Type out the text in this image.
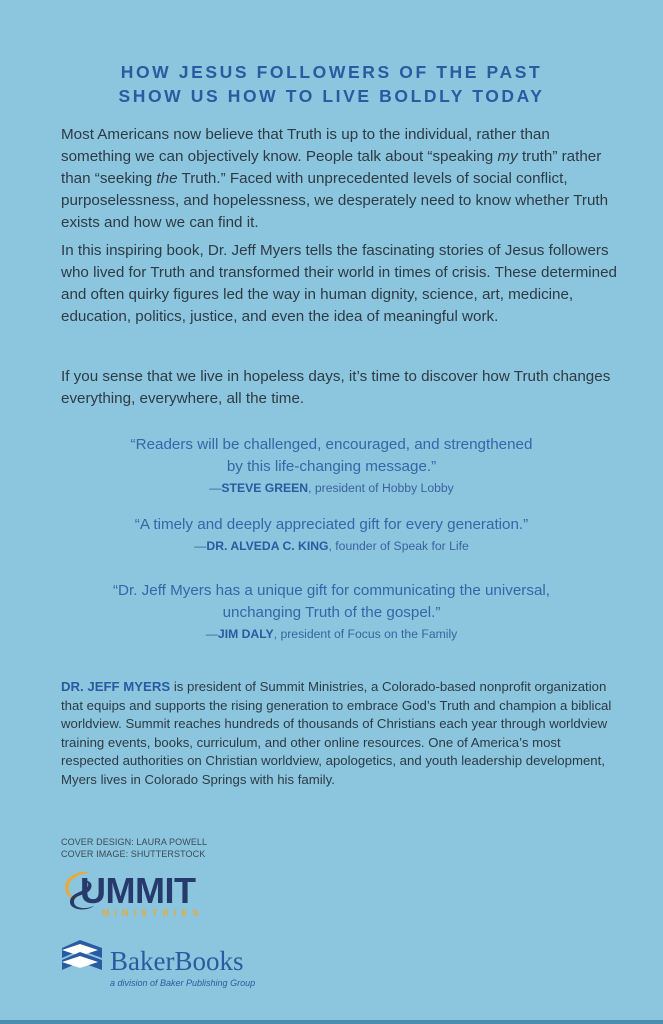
HOW JESUS FOLLOWERS OF THE PAST
SHOW US HOW TO LIVE BOLDLY TODAY
Most Americans now believe that Truth is up to the individual, rather than something we can objectively know. People talk about “speaking my truth” rather than “seeking the Truth.” Faced with unprecedented levels of social conflict, purposelessness, and hopelessness, we desperately need to know whether Truth exists and how we can find it.
In this inspiring book, Dr. Jeff Myers tells the fascinating stories of Jesus followers who lived for Truth and transformed their world in times of crisis. These determined and often quirky figures led the way in human dignity, science, art, medicine, education, politics, justice, and even the idea of meaningful work.
If you sense that we live in hopeless days, it’s time to discover how Truth changes everything, everywhere, all the time.
“Readers will be challenged, encouraged, and strengthened
by this life-changing message.”
—STEVE GREEN, president of Hobby Lobby
“A timely and deeply appreciated gift for every generation.”
—DR. ALVEDA C. KING, founder of Speak for Life
“Dr. Jeff Myers has a unique gift for communicating the universal,
unchanging Truth of the gospel.”
—JIM DALY, president of Focus on the Family
DR. JEFF MYERS is president of Summit Ministries, a Colorado-based nonprofit organization that equips and supports the rising generation to embrace God’s Truth and champion a biblical worldview. Summit reaches hundreds of thousands of Christians each year through worldview training events, books, curriculum, and other online resources. One of America’s most respected authorities on Christian worldview, apologetics, and youth leadership development, Myers lives in Colorado Springs with his family.
COVER DESIGN: LAURA POWELL
COVER IMAGE: SHUTTERSTOCK
UMMIT
MINISTRIES
BakerBooks
a division of Baker Publishing Group
